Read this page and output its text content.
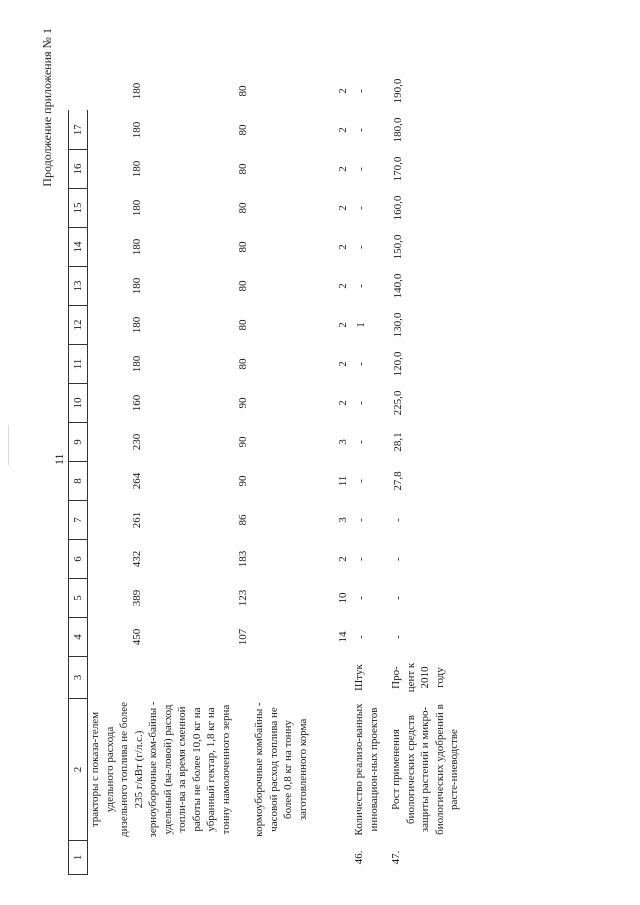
11
Продолжение приложения № 1
1	2	3	4	5	6	7	8	9	10	11	12	13	14	15	16	17	
	тракторы с показа-телем удельного расхода дизельного топлива не более 235 г/кВт (г/л.с.)		450	389	432	261	264	230	160	180	180	180	180	180	180	180	180
	зерноуборочные ком-байны - удельный (ва-ловой) расход топли-ва за время сменной работы не более 10,0 кг на убранный гектар, 1,8 кг на тонну намолоченного зерна		107	123	183	86	90	90	90	80	80	80	80	80	80	80	80
	кормоуборочные комбайны - часовой расход топлива не более 0,8 кг на тонну заготовленного корма		14	10	2	3	11	3	2	2	2	2	2	2	2	2	2
46.	Количество реализо-ванных инновацион-ных проектов	Штук	-	-	-	-	-	-	-	-	1	-	-	-	-	-	-
47.	Рост применения биологических средств защиты растений и микро-биологических удобрений в расте-ниеводстве	Про-цент к 2010 году	-	-	-	-	27,8	28,1	225,0	120,0	130,0	140,0	150,0	160,0	170,0	180,0	190,0
